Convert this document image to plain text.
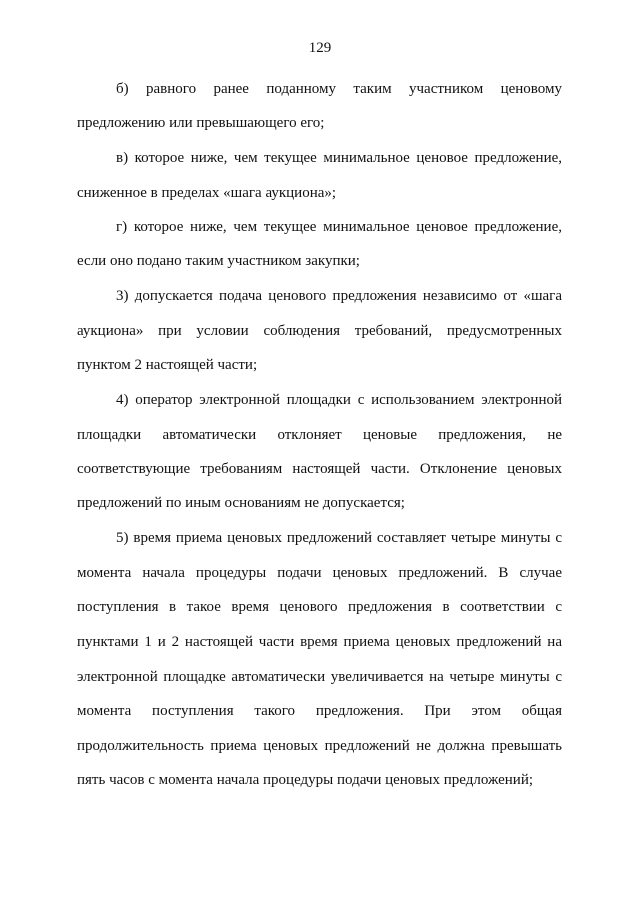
129
б) равного ранее поданному таким участником ценовому
предложению или превышающего его;
в) которое ниже, чем текущее минимальное ценовое предложение,
сниженное в пределах «шага аукциона»;
г) которое ниже, чем текущее минимальное ценовое предложение,
если оно подано таким участником закупки;
3) допускается подача ценового предложения независимо от «шага
аукциона» при условии соблюдения требований, предусмотренных
пунктом 2 настоящей части;
4) оператор электронной площадки с использованием электронной
площадки автоматически отклоняет ценовые предложения, не
соответствующие требованиям настоящей части. Отклонение ценовых
предложений по иным основаниям не допускается;
5) время приема ценовых предложений составляет четыре минуты с
момента начала процедуры подачи ценовых предложений. В случае
поступления в такое время ценового предложения в соответствии с
пунктами 1 и 2 настоящей части время приема ценовых предложений на
электронной площадке автоматически увеличивается на четыре минуты с
момента поступления такого предложения. При этом общая
продолжительность приема ценовых предложений не должна превышать
пять часов с момента начала процедуры подачи ценовых предложений;
